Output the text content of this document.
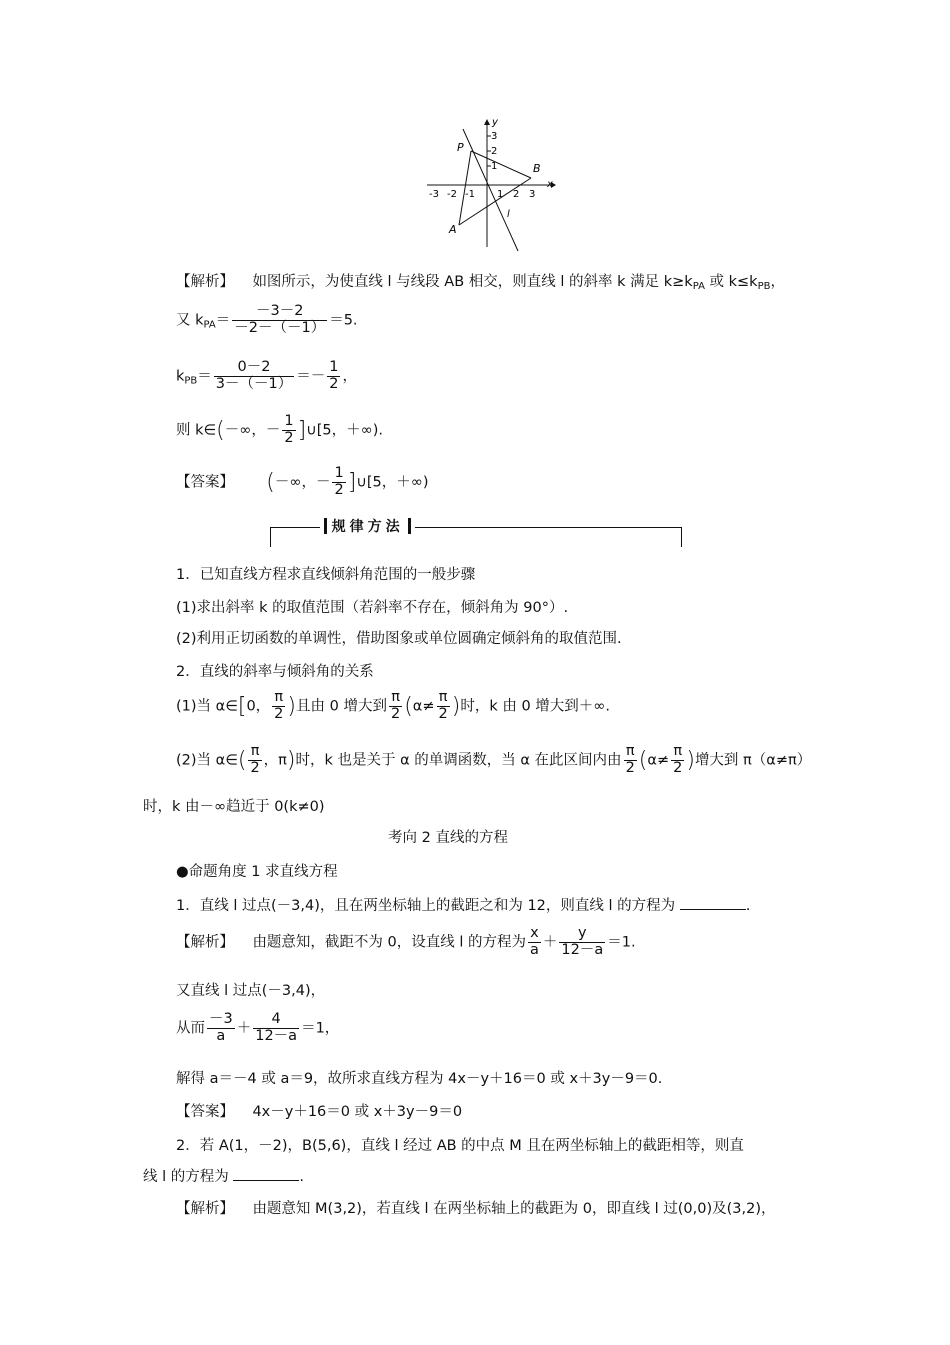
y
x
P
B
A
l
3
2
1
-3 -2 -1 1 2 3
【解析】 如图所示，为使直线 l 与线段 AB 相交，则直线 l 的斜率 k 满足 $k\ge k_{PA}$ 或 $k\le k_{PB}$，
又 $k_{PA}= \frac{-3-2}{-2-(-1)} =5$.
$k_{PB}= \frac{0-2}{3-(-1)} =- \frac{1}{2}$ ，
则 k∈(－∞，－ $\frac{1}{2}$ ]∪[5，＋∞).
【答案】 (－∞，－ $\frac{1}{2}$ ]∪[5，＋∞)
规律方法
1．已知直线方程求直线倾斜角范围的一般步骤
(1)求出斜率 k 的取值范围（若斜率不存在，倾斜角为 90°）.
(2)利用正切函数的单调性，借助图象或单位圆确定倾斜角的取值范围.
2．直线的斜率与倾斜角的关系
(1)当 α∈[0， $\frac{\pi}{2}$ )且由 0 增大到 $\frac{\pi}{2} (\alpha\ne \frac{\pi}{2}$ )时，k 由 0 增大到＋∞.
(2)当 α∈( $\frac{\pi}{2}$ ，π)时，k 也是关于 α 的单调函数，当 α 在此区间内由 $\frac{\pi}{2} (\alpha\ne \frac{\pi}{2}$ )增大到 π（α≠π）
时，k 由－∞趋近于 0(k≠0)
考向 2 直线的方程
●命题角度 1 求直线方程
1．直线 l 过点(－3,4)，且在两坐标轴上的截距之和为 12，则直线 l 的方程为	.
【解析】 由题意知，截距不为 0，设直线 l 的方程为 $\frac{x}{a} + \frac{y}{12-a} =1$.
又直线 l 过点(－3,4)，
从而 $\frac{-3}{a} + \frac{4}{12-a} =1$，
解得 a＝－4 或 a＝9，故所求直线方程为 4x－y＋16＝0 或 x＋3y－9＝0.
【答案】 4x－y＋16＝0 或 x＋3y－9＝0
2．若 A(1，－2)，B(5,6)，直线 l 经过 AB 的中点 M 且在两坐标轴上的截距相等，则直
线 l 的方程为	.
【解析】 由题意知 M(3,2)，若直线 l 在两坐标轴上的截距为 0，即直线 l 过(0,0)及(3,2)，
